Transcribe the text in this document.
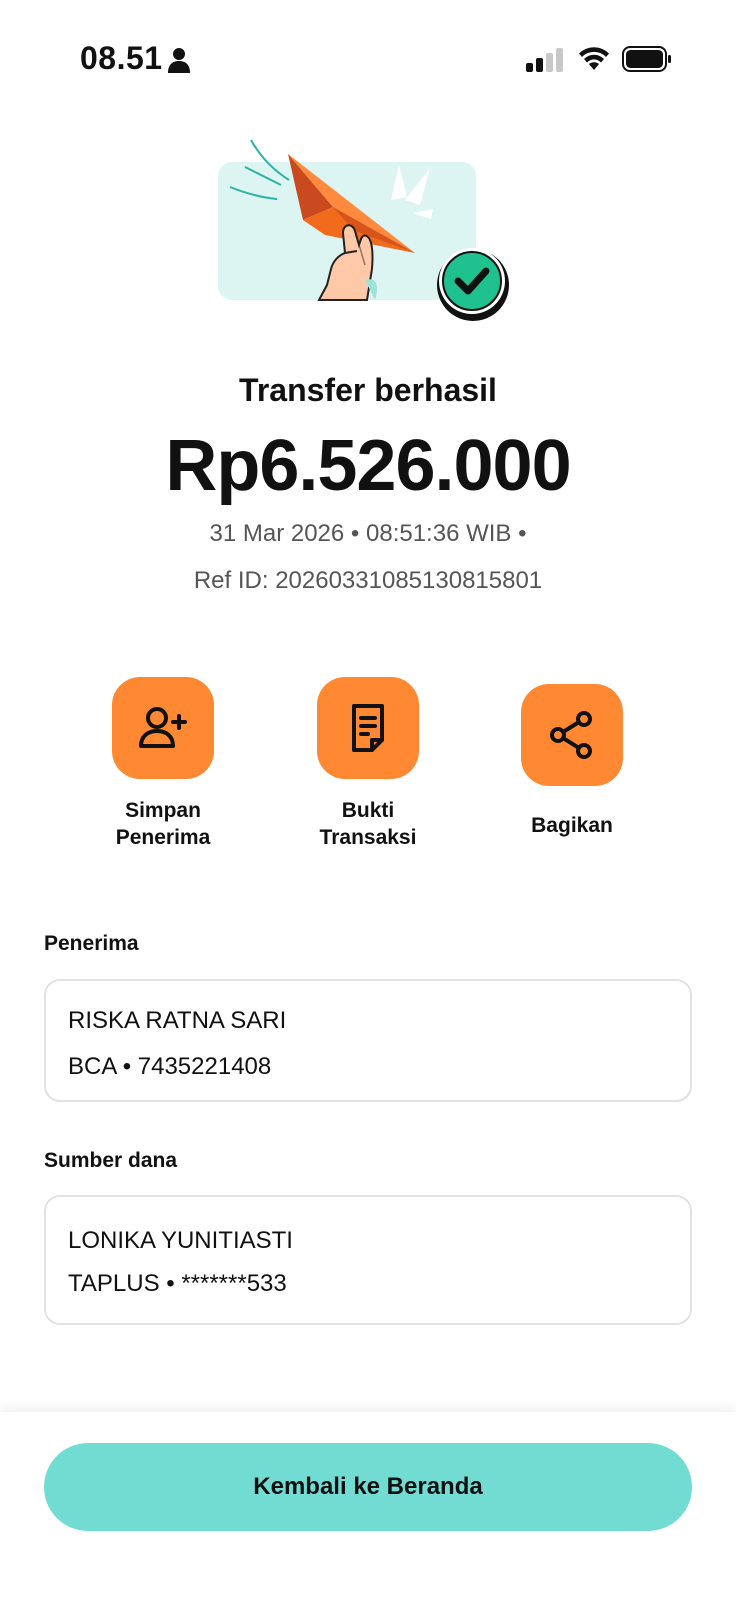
08.51
Transfer berhasil
Rp6.526.000
31 Mar 2026 • 08:51:36 WIB •
Ref ID: 20260331085130815801
Simpan
Penerima
Bukti
Transaksi
Bagikan
Penerima
RISKA RATNA SARI
BCA • 7435221408
Sumber dana
LONIKA YUNITIASTI
TAPLUS • *******533
Kembali ke Beranda
